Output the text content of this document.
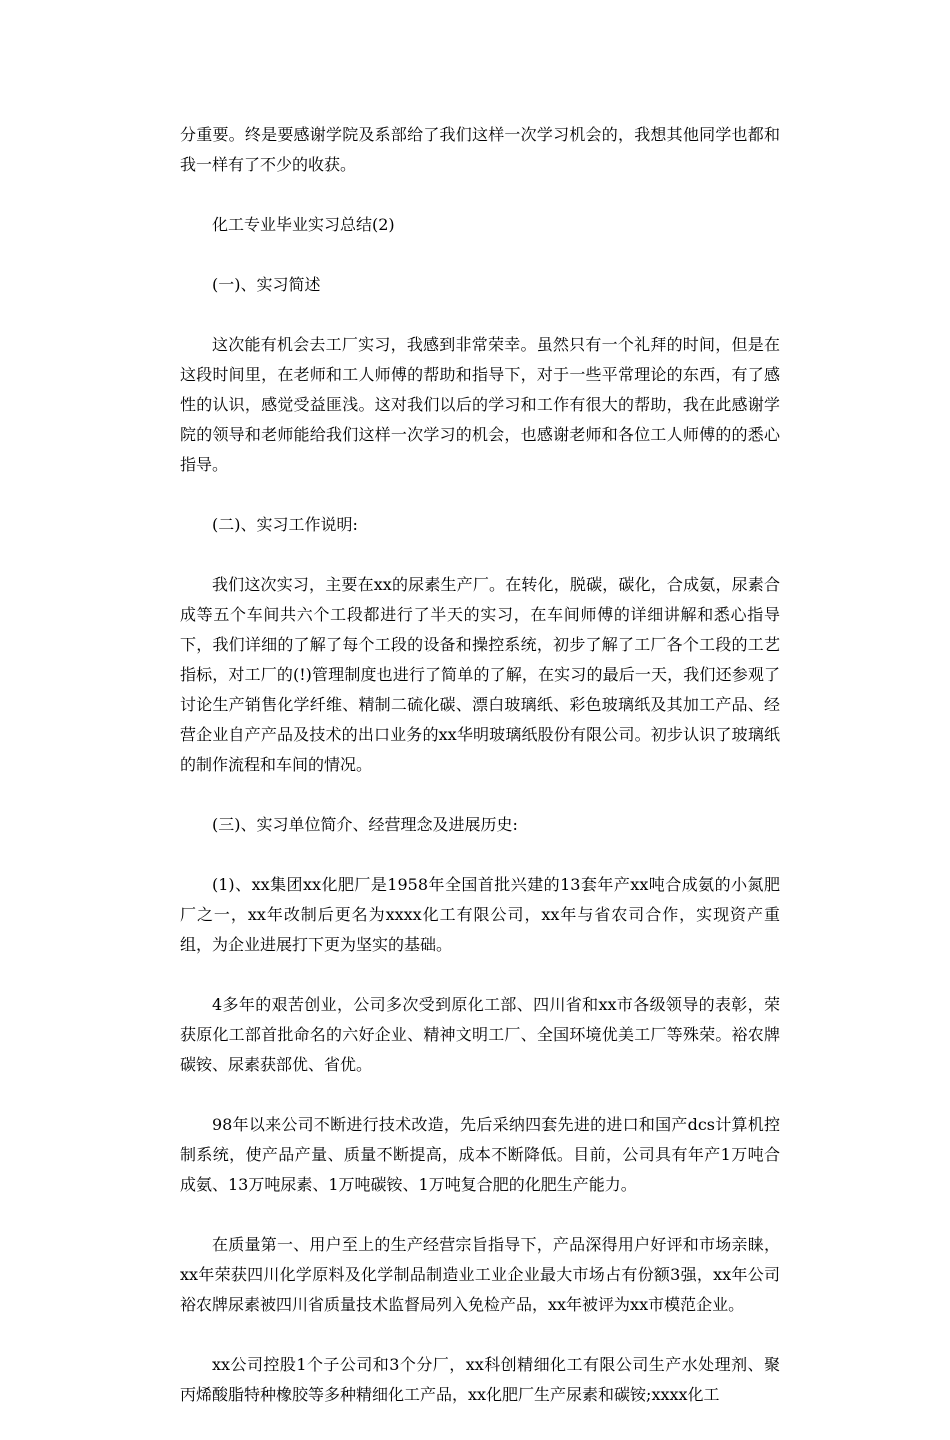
分重要。终是要感谢学院及系部给了我们这样一次学习机会的，我想其他同学也都和我一样有了不少的收获。

化工专业毕业实习总结(2)

(一)、实习简述

这次能有机会去工厂实习，我感到非常荣幸。虽然只有一个礼拜的时间，但是在这段时间里，在老师和工人师傅的帮助和指导下，对于一些平常理论的东西，有了感性的认识，感觉受益匪浅。这对我们以后的学习和工作有很大的帮助，我在此感谢学院的领导和老师能给我们这样一次学习的机会，也感谢老师和各位工人师傅的的悉心指导。

(二)、实习工作说明:

我们这次实习，主要在xx的尿素生产厂。在转化，脱碳，碳化，合成氨，尿素合成等五个车间共六个工段都进行了半天的实习，在车间师傅的详细讲解和悉心指导下，我们详细的了解了每个工段的设备和操控系统，初步了解了工厂各个工段的工艺指标，对工厂的(!)管理制度也进行了简单的了解，在实习的最后一天，我们还参观了讨论生产销售化学纤维、精制二硫化碳、漂白玻璃纸、彩色玻璃纸及其加工产品、经营企业自产产品及技术的出口业务的xx华明玻璃纸股份有限公司。初步认识了玻璃纸的制作流程和车间的情况。

(三)、实习单位简介、经营理念及进展历史:

(1)、xx集团xx化肥厂是1958年全国首批兴建的13套年产xx吨合成氨的小氮肥厂之一，xx年改制后更名为xxxx化工有限公司，xx年与省农司合作，实现资产重组，为企业进展打下更为坚实的基础。

4多年的艰苦创业，公司多次受到原化工部、四川省和xx市各级领导的表彰，荣获原化工部首批命名的六好企业、精神文明工厂、全国环境优美工厂等殊荣。裕农牌碳铵、尿素获部优、省优。

98年以来公司不断进行技术改造，先后采纳四套先进的进口和国产dcs计算机控制系统，使产品产量、质量不断提高，成本不断降低。目前，公司具有年产1万吨合成氨、13万吨尿素、1万吨碳铵、1万吨复合肥的化肥生产能力。

在质量第一、用户至上的生产经营宗旨指导下，产品深得用户好评和市场亲睐，xx年荣获四川化学原料及化学制品制造业工业企业最大市场占有份额3强，xx年公司裕农牌尿素被四川省质量技术监督局列入免检产品，xx年被评为xx市模范企业。

xx公司控股1个子公司和3个分厂，xx科创精细化工有限公司生产水处理剂、聚丙烯酸脂特种橡胶等多种精细化工产品，xx化肥厂生产尿素和碳铵;xxxx化工
